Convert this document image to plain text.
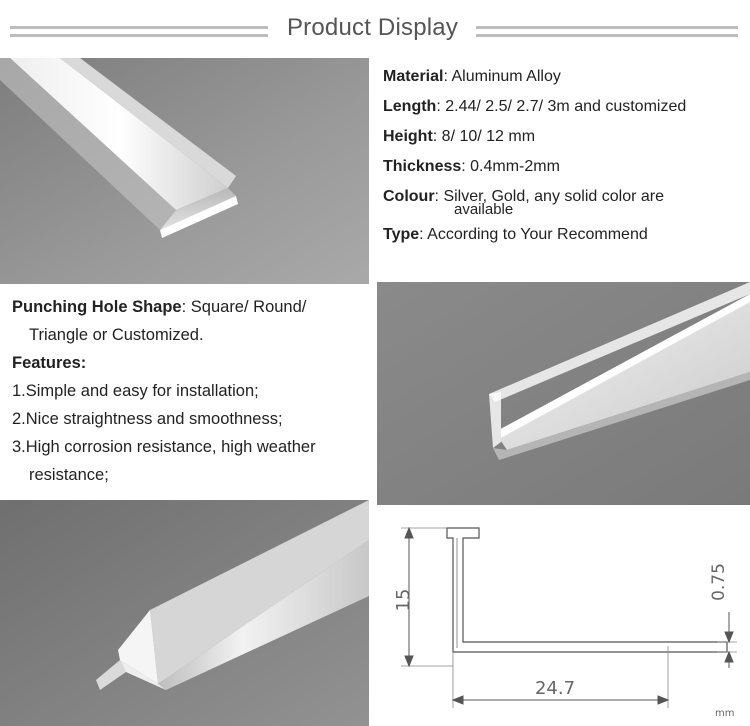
Product Display
Material: Aluminum Alloy
Length: 2.44/ 2.5/ 2.7/ 3m and customized
Height: 8/ 10/ 12 mm
Thickness: 0.4mm-2mm
Colour: Silver, Gold, any solid color are
available
Type: According to Your Recommend
Punching Hole Shape: Square/ Round/
Triangle or Customized.
Features:
1.Simple and easy for installation;
2.Nice straightness and smoothness;
3.High corrosion resistance, high weather
resistance;
15
24.7
0.75
mm
